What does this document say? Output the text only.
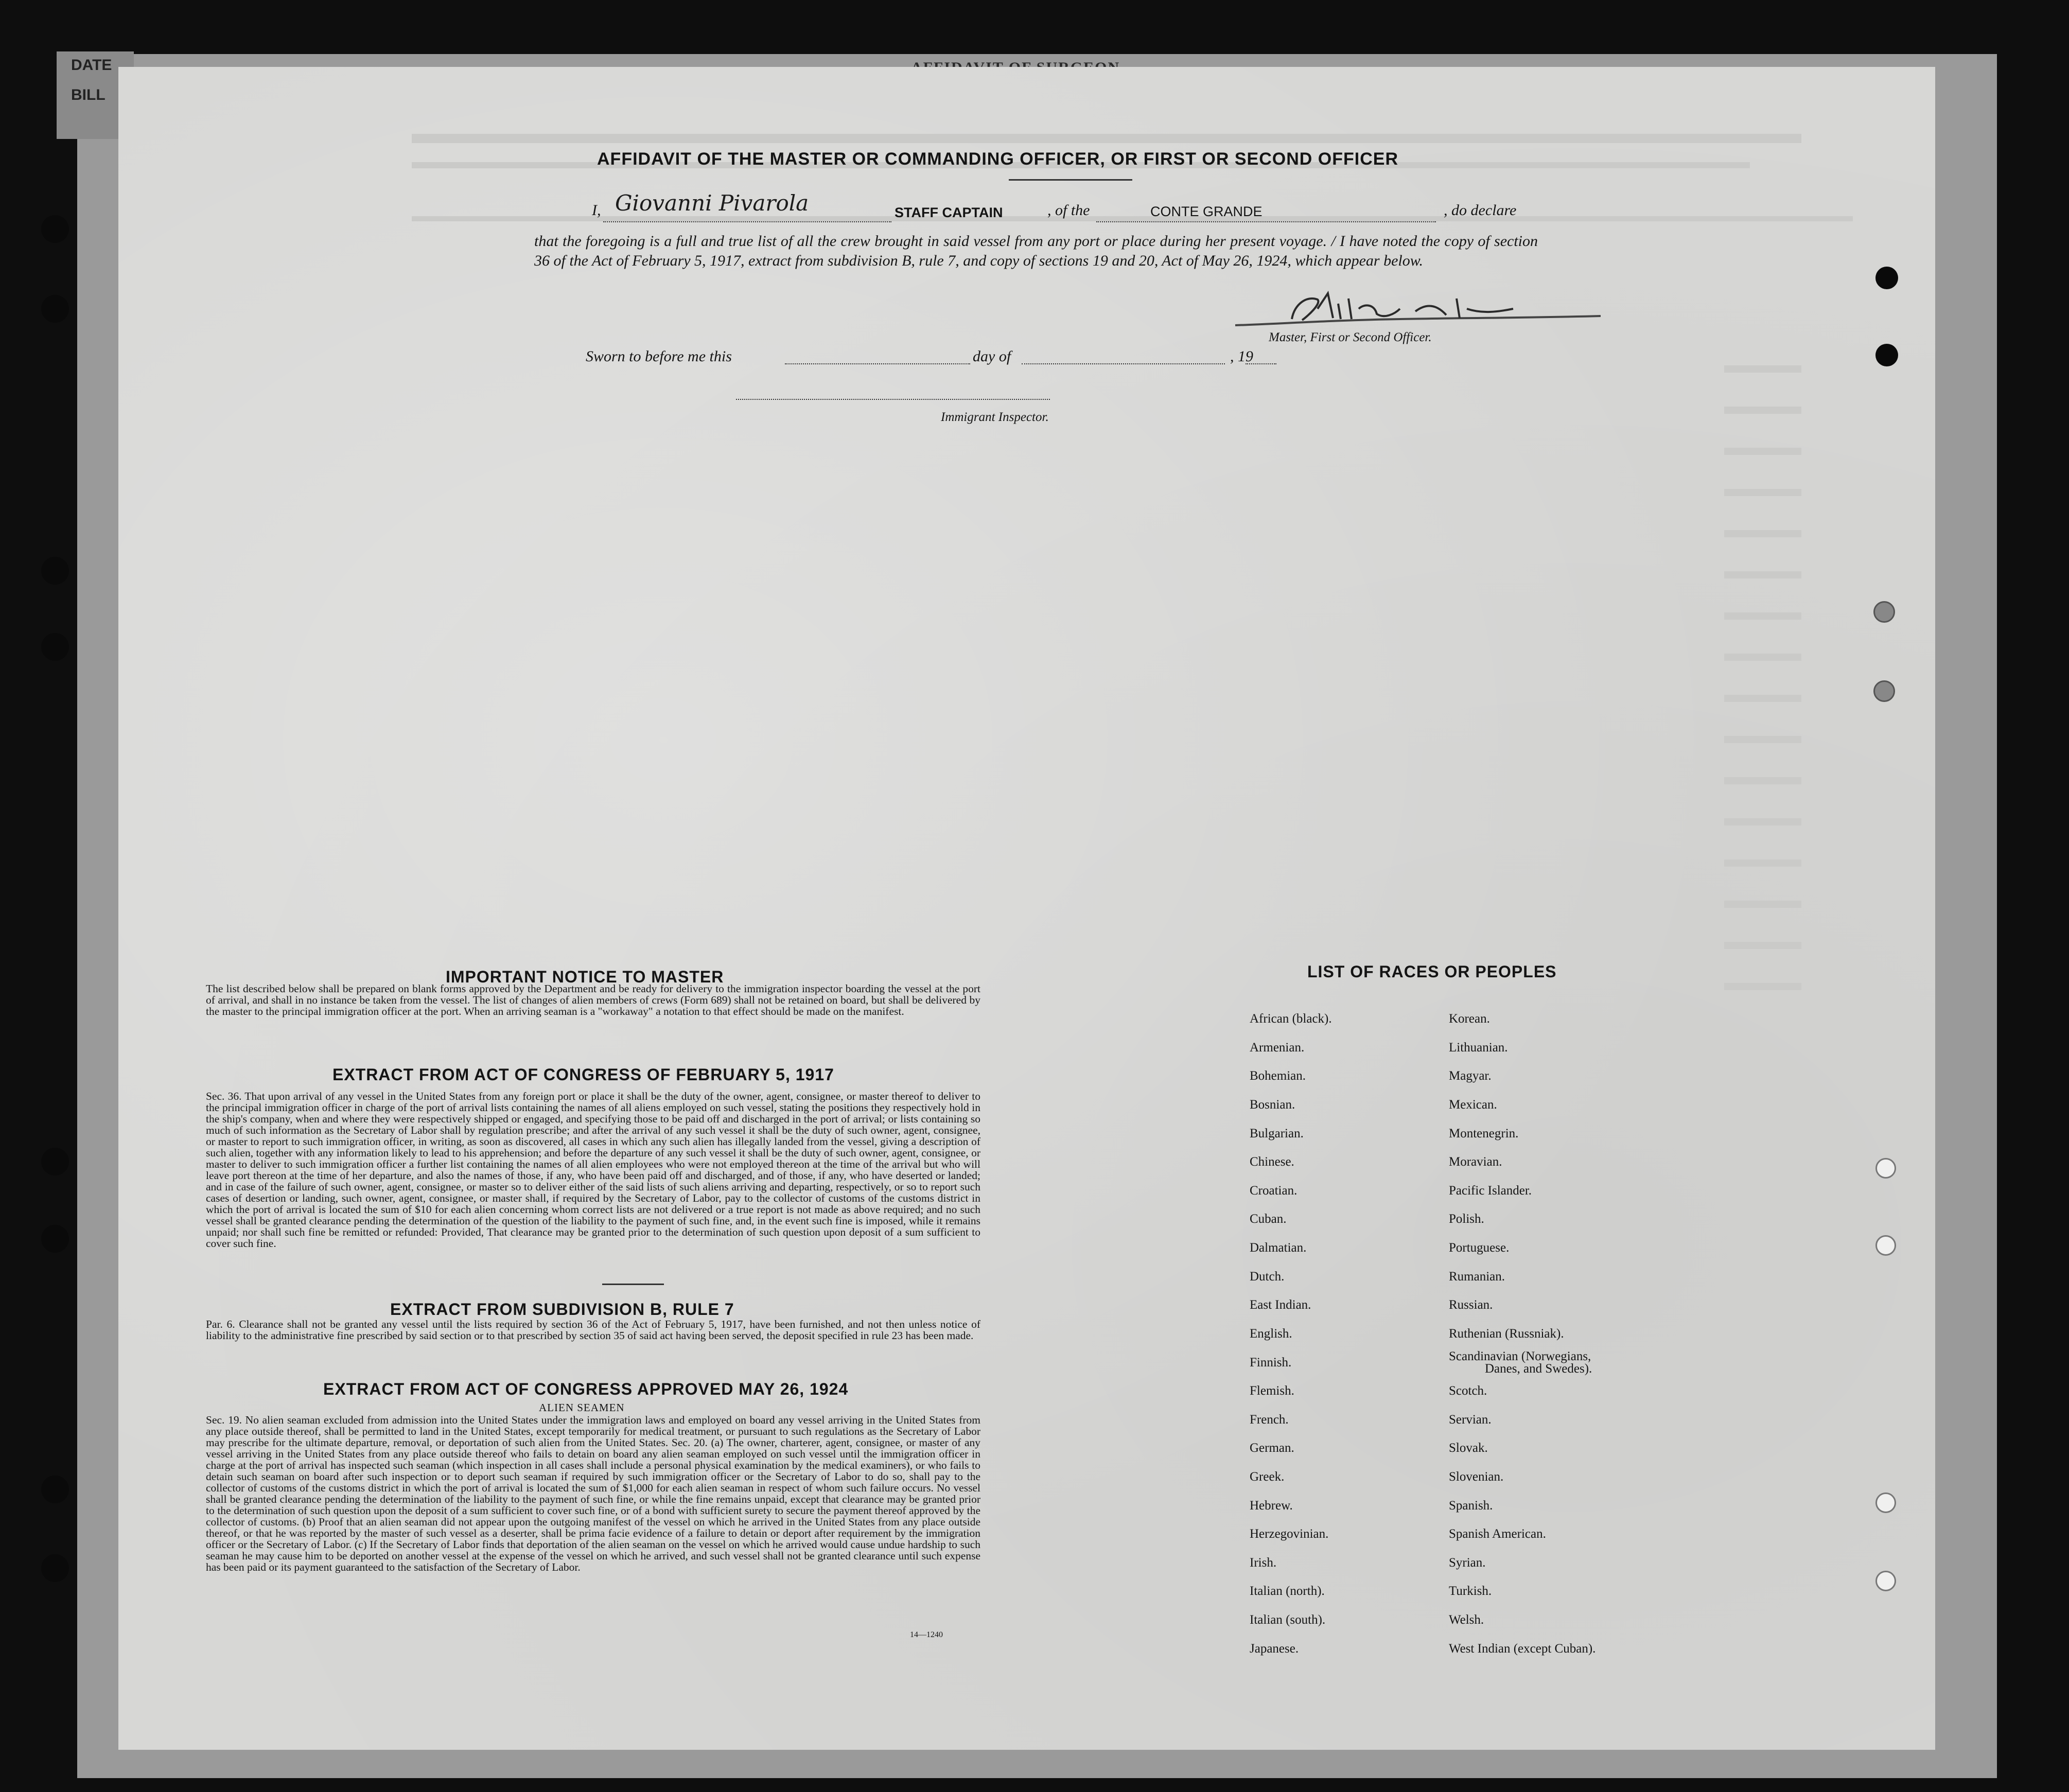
DATE
BILL
AFFIDAVIT OF THE MASTER OR COMMANDING OFFICER, OR FIRST OR SECOND OFFICER
I, Giovanni Pivarola	STAFF CAPTAIN	, of the	CONTE GRANDE	, do declare
that the foregoing is a full and true list of all the crew brought in said vessel from any port or place during her present voyage. / I have noted the copy of section 36 of the Act of February 5, 1917, extract from subdivision B, rule 7, and copy of sections 19 and 20, Act of May 26, 1924, which appear below.
Master, First or Second Officer.
Sworn to before me this	day of	, 19
Immigrant Inspector.
IMPORTANT NOTICE TO MASTER
The list described below shall be prepared on blank forms approved by the Department and be ready for delivery to the immigration inspector boarding the vessel at the port of arrival, and shall in no instance be taken from the vessel. The list of changes of alien members of crews (Form 689) shall not be retained on board, but shall be delivered by the master to the principal immigration officer at the port. When an arriving seaman is a "workaway" a notation to that effect should be made on the manifest.
EXTRACT FROM ACT OF CONGRESS OF FEBRUARY 5, 1917
Sec. 36. That upon arrival of any vessel in the United States from any foreign port or place it shall be the duty of the owner, agent, consignee, or master thereof to deliver to the principal immigration officer in charge of the port of arrival lists containing the names of all aliens employed on such vessel, stating the positions they respectively hold in the ship's company, when and where they were respectively shipped or engaged, and specifying those to be paid off and discharged in the port of arrival; or lists containing so much of such information as the Secretary of Labor shall by regulation prescribe; and after the arrival of any such vessel it shall be the duty of such owner, agent, consignee, or master to report to such immigration officer, in writing, as soon as discovered, all cases in which any such alien has illegally landed from the vessel, giving a description of such alien, together with any information likely to lead to his apprehension; and before the departure of any such vessel it shall be the duty of such owner, agent, consignee, or master to deliver to such immigration officer a further list containing the names of all alien employees who were not employed thereon at the time of the arrival but who will leave port thereon at the time of her departure, and also the names of those, if any, who have been paid off and discharged, and of those, if any, who have deserted or landed; and in case of the failure of such owner, agent, consignee, or master so to deliver either of the said lists of such aliens arriving and departing, respectively, or so to report such cases of desertion or landing, such owner, agent, consignee, or master shall, if required by the Secretary of Labor, pay to the collector of customs of the customs district in which the port of arrival is located the sum of $10 for each alien concerning whom correct lists are not delivered or a true report is not made as above required; and no such vessel shall be granted clearance pending the determination of the question of the liability to the payment of such fine, and, in the event such fine is imposed, while it remains unpaid; nor shall such fine be remitted or refunded: Provided, That clearance may be granted prior to the determination of such question upon deposit of a sum sufficient to cover such fine.
EXTRACT FROM SUBDIVISION B, RULE 7
Par. 6. Clearance shall not be granted any vessel until the lists required by section 36 of the Act of February 5, 1917, have been furnished, and not then unless notice of liability to the administrative fine prescribed by said section or to that prescribed by section 35 of said act having been served, the deposit specified in rule 23 has been made.
EXTRACT FROM ACT OF CONGRESS APPROVED MAY 26, 1924
ALIEN SEAMEN
Sec. 19. No alien seaman excluded from admission into the United States under the immigration laws and employed on board any vessel arriving in the United States from any place outside thereof, shall be permitted to land in the United States, except temporarily for medical treatment, or pursuant to such regulations as the Secretary of Labor may prescribe for the ultimate departure, removal, or deportation of such alien from the United States. Sec. 20. (a) The owner, charterer, agent, consignee, or master of any vessel arriving in the United States from any place outside thereof who fails to detain on board any alien seaman employed on such vessel until the immigration officer in charge at the port of arrival has inspected such seaman (which inspection in all cases shall include a personal physical examination by the medical examiners), or who fails to detain such seaman on board after such inspection or to deport such seaman if required by such immigration officer or the Secretary of Labor to do so, shall pay to the collector of customs of the customs district in which the port of arrival is located the sum of $1,000 for each alien seaman in respect of whom such failure occurs. No vessel shall be granted clearance pending the determination of the liability to the payment of such fine, or while the fine remains unpaid, except that clearance may be granted prior to the determination of such question upon the deposit of a sum sufficient to cover such fine, or of a bond with sufficient surety to secure the payment thereof approved by the collector of customs. (b) Proof that an alien seaman did not appear upon the outgoing manifest of the vessel on which he arrived in the United States from any place outside thereof, or that he was reported by the master of such vessel as a deserter, shall be prima facie evidence of a failure to detain or deport after requirement by the immigration officer or the Secretary of Labor. (c) If the Secretary of Labor finds that deportation of the alien seaman on the vessel on which he arrived would cause undue hardship to such seaman he may cause him to be deported on another vessel at the expense of the vessel on which he arrived, and such vessel shall not be granted clearance until such expense has been paid or its payment guaranteed to the satisfaction of the Secretary of Labor.
14—1240
LIST OF RACES OR PEOPLES
African (black).
Armenian.
Bohemian.
Bosnian.
Bulgarian.
Chinese.
Croatian.
Cuban.
Dalmatian.
Dutch.
East Indian.
English.
Finnish.
Flemish.
French.
German.
Greek.
Hebrew.
Herzegovinian.
Irish.
Italian (north).
Italian (south).
Japanese.
Korean.
Lithuanian.
Magyar.
Mexican.
Montenegrin.
Moravian.
Pacific Islander.
Polish.
Portuguese.
Rumanian.
Russian.
Ruthenian (Russniak).
Scandinavian (Norwegians,
Danes, and Swedes).
Scotch.
Servian.
Slovak.
Slovenian.
Spanish.
Spanish American.
Syrian.
Turkish.
Welsh.
West Indian (except Cuban).
